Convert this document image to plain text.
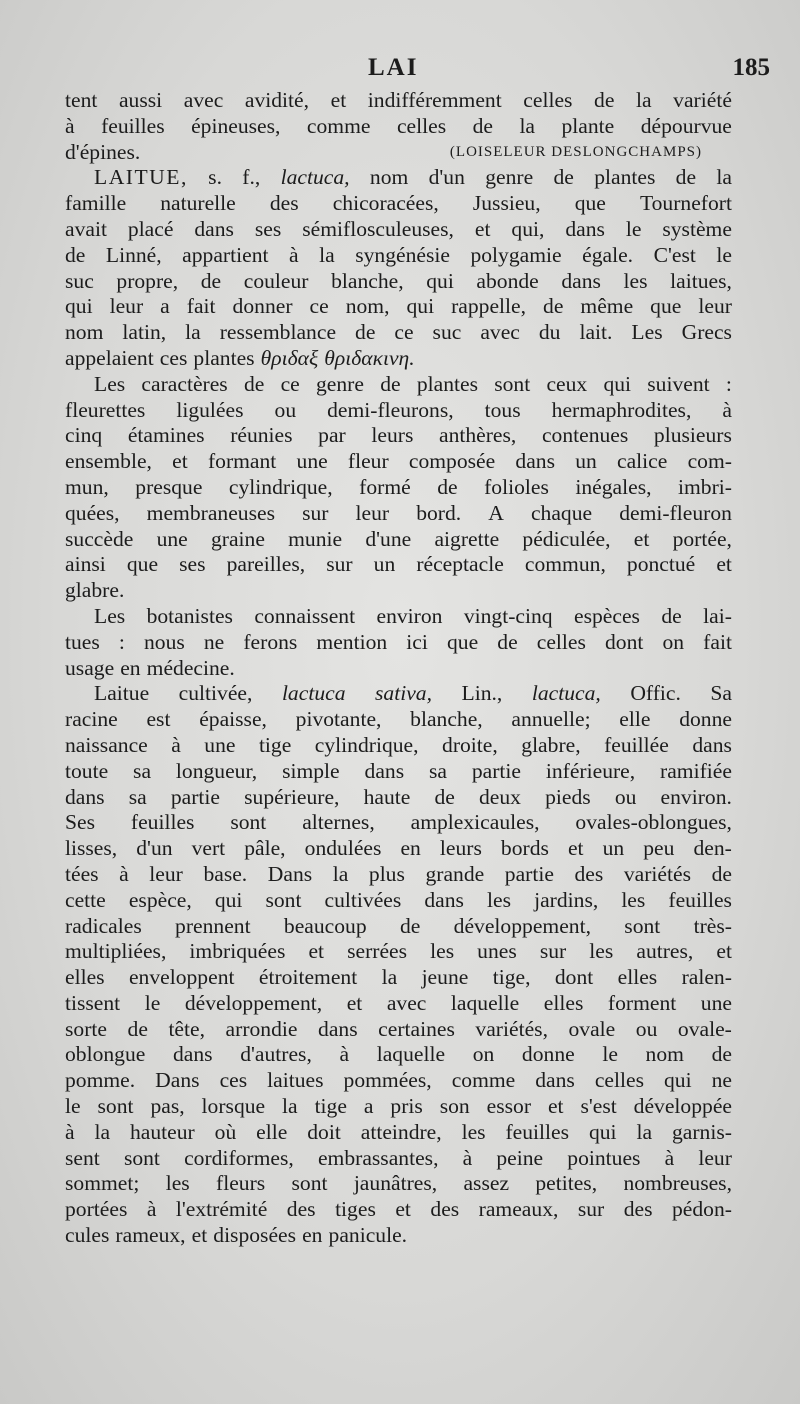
LAI	185
tent aussi avec avidité, et indifféremment celles de la variété
à feuilles épineuses, comme celles de la plante dépourvue
d'épines.	(LOISELEUR DESLONGCHAMPS)
LAITUE, s. f., lactuca, nom d'un genre de plantes de la
famille naturelle des chicoracées, Jussieu, que Tournefort
avait placé dans ses sémiflosculeuses, et qui, dans le système
de Linné, appartient à la syngénésie polygamie égale. C'est le
suc propre, de couleur blanche, qui abonde dans les laitues,
qui leur a fait donner ce nom, qui rappelle, de même que leur
nom latin, la ressemblance de ce suc avec du lait. Les Grecs
appelaient ces plantes θριδαξ θριδακινη.
Les caractères de ce genre de plantes sont ceux qui suivent :
fleurettes ligulées ou demi-fleurons, tous hermaphrodites, à
cinq étamines réunies par leurs anthères, contenues plusieurs
ensemble, et formant une fleur composée dans un calice com-
mun, presque cylindrique, formé de folioles inégales, imbri-
quées, membraneuses sur leur bord. A chaque demi-fleuron
succède une graine munie d'une aigrette pédiculée, et portée,
ainsi que ses pareilles, sur un réceptacle commun, ponctué et
glabre.
Les botanistes connaissent environ vingt-cinq espèces de lai-
tues : nous ne ferons mention ici que de celles dont on fait
usage en médecine.
Laitue cultivée, lactuca sativa, Lin., lactuca, Offic. Sa
racine est épaisse, pivotante, blanche, annuelle; elle donne
naissance à une tige cylindrique, droite, glabre, feuillée dans
toute sa longueur, simple dans sa partie inférieure, ramifiée
dans sa partie supérieure, haute de deux pieds ou environ.
Ses feuilles sont alternes, amplexicaules, ovales-oblongues,
lisses, d'un vert pâle, ondulées en leurs bords et un peu den-
tées à leur base. Dans la plus grande partie des variétés de
cette espèce, qui sont cultivées dans les jardins, les feuilles
radicales prennent beaucoup de développement, sont très-
multipliées, imbriquées et serrées les unes sur les autres, et
elles enveloppent étroitement la jeune tige, dont elles ralen-
tissent le développement, et avec laquelle elles forment une
sorte de tête, arrondie dans certaines variétés, ovale ou ovale-
oblongue dans d'autres, à laquelle on donne le nom de
pomme. Dans ces laitues pommées, comme dans celles qui ne
le sont pas, lorsque la tige a pris son essor et s'est développée
à la hauteur où elle doit atteindre, les feuilles qui la garnis-
sent sont cordiformes, embrassantes, à peine pointues à leur
sommet; les fleurs sont jaunâtres, assez petites, nombreuses,
portées à l'extrémité des tiges et des rameaux, sur des pédon-
cules rameux, et disposées en panicule.
